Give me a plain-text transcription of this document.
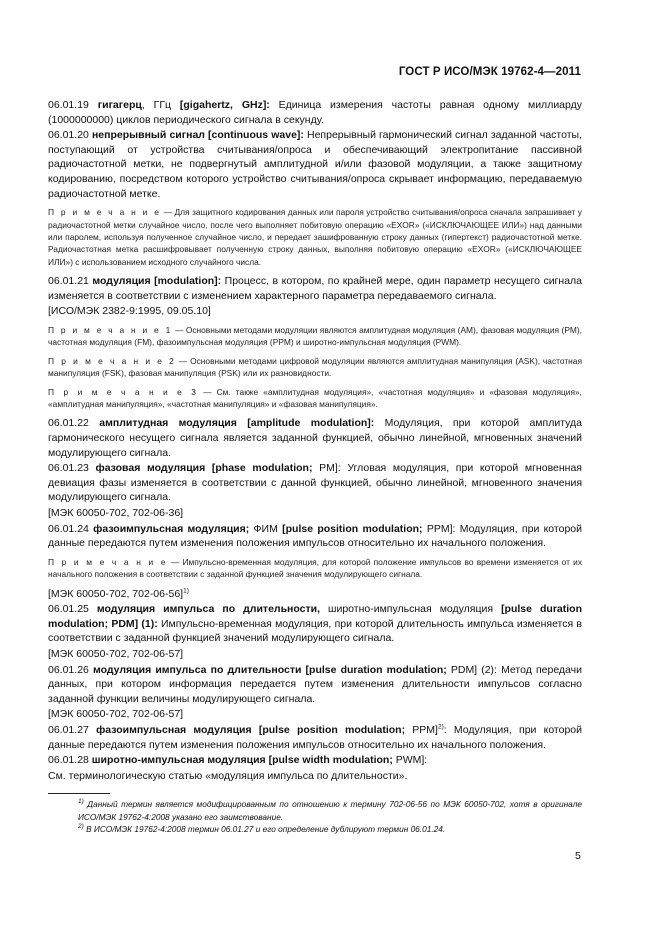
ГОСТ Р ИСО/МЭК 19762-4—2011

06.01.19 гигагерц, ГГц [gigahertz, GHz]: Единица измерения частоты равная одному миллиарду (1000000000) циклов периодического сигнала в секунду.

06.01.20 непрерывный сигнал [continuous wave]: Непрерывный гармонический сигнал заданной частоты, поступающий от устройства считывания/опроса и обеспечивающий электропитание пассивной радиочастотной метки, не подвергнутый амплитудной и/или фазовой модуляции, а также защитному кодированию, посредством которого устройство считывания/опроса скрывает информацию, передаваемую радиочастотной метке.

П р и м е ч а н и е — Для защитного кодирования данных или пароля устройство считывания/опроса сначала запрашивает у радиочастотной метки случайное число, после чего выполняет побитовую операцию «EXOR» («ИСКЛЮЧАЮЩЕЕ ИЛИ») над данными или паролем, используя полученное случайное число, и передает зашифрованную строку данных (гипертекст) радиочастотной метке. Радиочастотная метка расшифровывает полученную строку данных, выполняя побитовую операцию «EXOR» («ИСКЛЮЧАЮЩЕЕ ИЛИ») с использованием исходного случайного числа.

06.01.21 модуляция [modulation]: Процесс, в котором, по крайней мере, один параметр несущего сигнала изменяется в соответствии с изменением характерного параметра передаваемого сигнала.

[ИСО/МЭК 2382-9:1995, 09.05.10]

П р и м е ч а н и е 1 — Основными методами модуляции являются амплитудная модуляция (AM), фазовая модуляция (PM), частотная модуляция (FM), фазоимпульсная модуляция (PPM) и широтно-импульсная модуляция (PWM).

П р и м е ч а н и е 2 — Основными методами цифровой модуляции являются амплитудная манипуляция (ASK), частотная манипуляция (FSK), фазовая манипуляция (PSK) или их разновидности.

П р и м е ч а н и е 3 — См. также «амплитудная модуляция», «частотная модуляция» и «фазовая модуляция», «амплитудная манипуляция», «частотная манипуляция» и «фазовая манипуляция».

06.01.22 амплитудная модуляция [amplitude modulation]: Модуляция, при которой амплитуда гармонического несущего сигнала является заданной функцией, обычно линейной, мгновенных значений модулирующего сигнала.

06.01.23 фазовая модуляция [phase modulation; PM]: Угловая модуляция, при которой мгновенная девиация фазы изменяется в соответствии с данной функцией, обычно линейной, мгновенного значения модулирующего сигнала.

[МЭК 60050-702, 702-06-36]

06.01.24 фазоимпульсная модуляция; ФИМ [pulse position modulation; PPM]: Модуляция, при которой данные передаются путем изменения положения импульсов относительно их начального положения.

П р и м е ч а н и е — Импульсно-временная модуляция, для которой положение импульсов во времени изменяется от их начального положения в соответствии с заданной функцией значения модулирующего сигнала.

[МЭК 60050-702, 702-06-56]$^{1)}$

06.01.25 модуляция импульса по длительности, широтно-импульсная модуляция [pulse duration modulation; PDM] (1): Импульсно-временная модуляция, при которой длительность импульса изменяется в соответствии с заданной функцией значений модулирующего сигнала.

[МЭК 60050-702, 702-06-57]

06.01.26 модуляция импульса по длительности [pulse duration modulation; PDM] (2): Метод передачи данных, при котором информация передается путем изменения длительности импульсов согласно заданной функции величины модулирующего сигнала.

[МЭК 60050-702, 702-06-57]

06.01.27 фазоимпульсная модуляция [pulse position modulation; PPM]$^{2)}$: Модуляция, при которой данные передаются путем изменения положения импульсов относительно их начального положения.

06.01.28 широтно-импульсная модуляция [pulse width modulation; PWM]:

См. терминологическую статью «модуляция импульса по длительности».

$^{1)}$ Данный термин является модифицированным по отношению к термину 702-06-56 по МЭК 60050-702, хотя в оригинале ИСО/МЭК 19762-4:2008 указано его заимствование.

$^{2)}$ В ИСО/МЭК 19762-4:2008 термин 06.01.27 и его определение дублируют термин 06.01.24.

5
